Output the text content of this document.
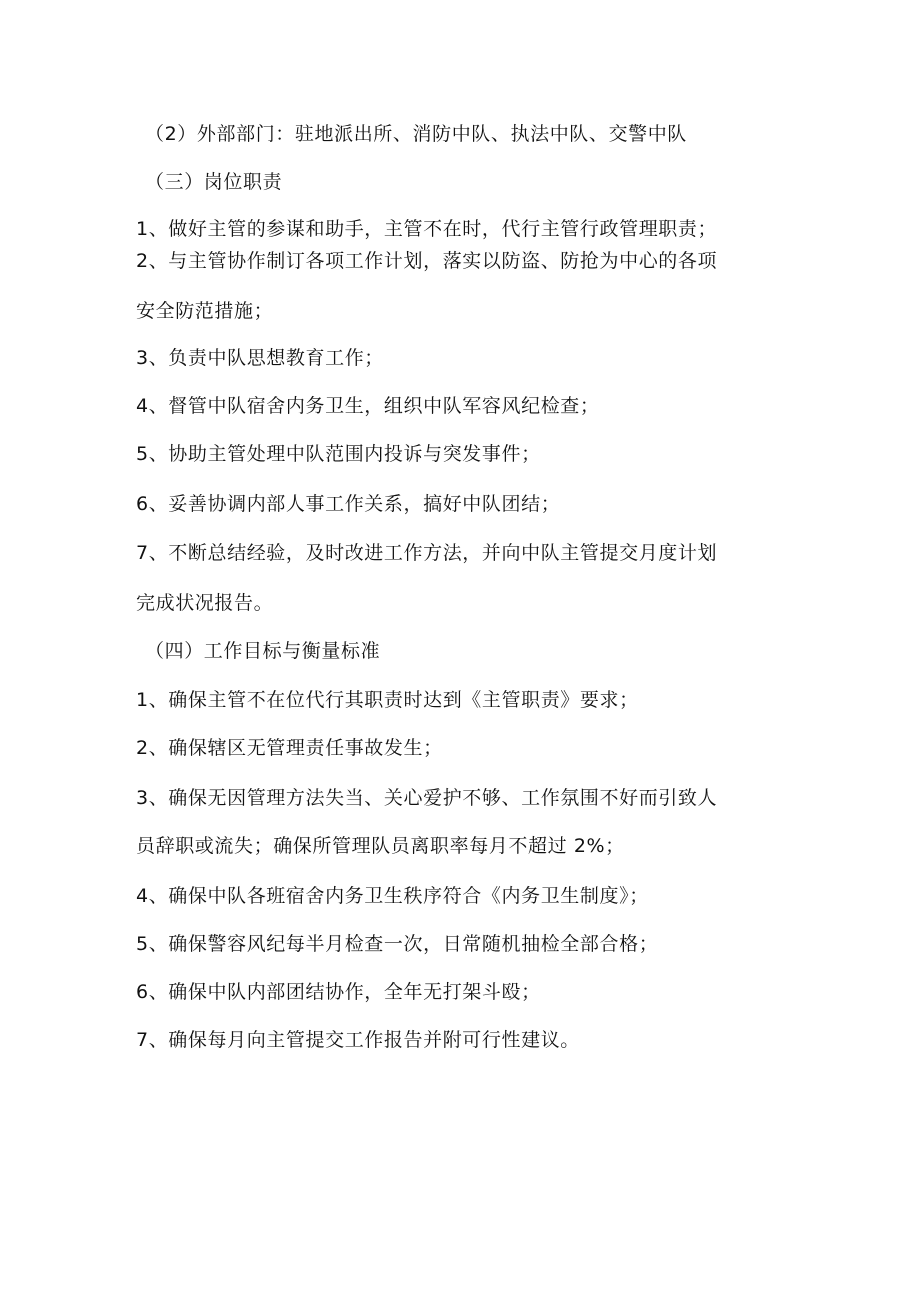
（2）外部部门：驻地派出所、消防中队、执法中队、交警中队
（三）岗位职责
1、做好主管的参谋和助手，主管不在时，代行主管行政管理职责；
2、与主管协作制订各项工作计划，落实以防盗、防抢为中心的各项
安全防范措施；
3、负责中队思想教育工作；
4、督管中队宿舍内务卫生，组织中队军容风纪检查；
5、协助主管处理中队范围内投诉与突发事件；
6、妥善协调内部人事工作关系，搞好中队团结；
7、不断总结经验，及时改进工作方法，并向中队主管提交月度计划
完成状况报告。
（四）工作目标与衡量标准
1、确保主管不在位代行其职责时达到《主管职责》要求；
2、确保辖区无管理责任事故发生；
3、确保无因管理方法失当、关心爱护不够、工作氛围不好而引致人
员辞职或流失；确保所管理队员离职率每月不超过 2%；
4、确保中队各班宿舍内务卫生秩序符合《内务卫生制度》；
5、确保警容风纪每半月检查一次，日常随机抽检全部合格；
6、确保中队内部团结协作，全年无打架斗殴；
7、确保每月向主管提交工作报告并附可行性建议。
